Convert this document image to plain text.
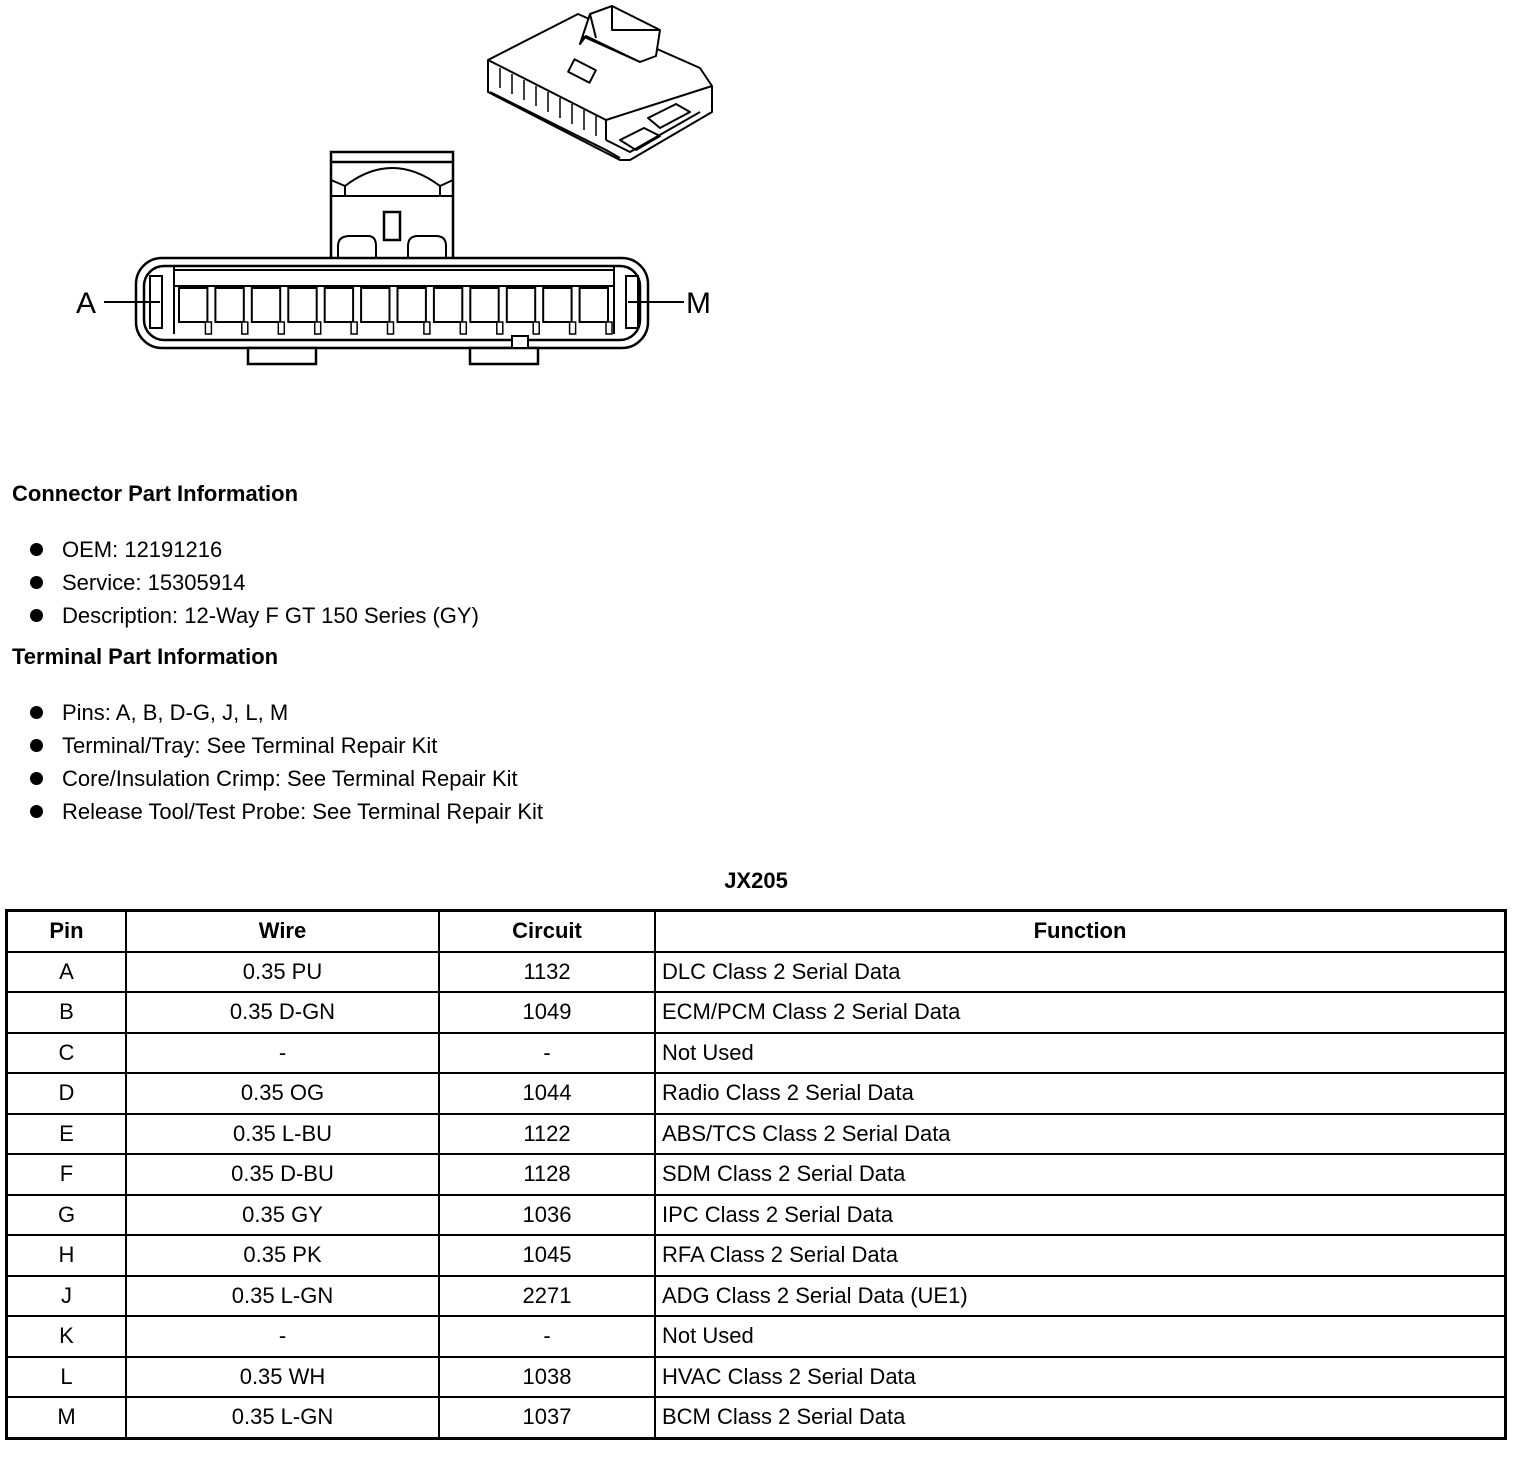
A	M
Connector Part Information
OEM: 12191216
Service: 15305914
Description: 12-Way F GT 150 Series (GY)
Terminal Part Information
Pins: A, B, D-G, J, L, M
Terminal/Tray: See Terminal Repair Kit
Core/Insulation Crimp: See Terminal Repair Kit
Release Tool/Test Probe: See Terminal Repair Kit
JX205
Pin	Wire	Circuit	Function
A	0.35 PU	1132	DLC Class 2 Serial Data
B	0.35 D-GN	1049	ECM/PCM Class 2 Serial Data
C	-	-	Not Used
D	0.35 OG	1044	Radio Class 2 Serial Data
E	0.35 L-BU	1122	ABS/TCS Class 2 Serial Data
F	0.35 D-BU	1128	SDM Class 2 Serial Data
G	0.35 GY	1036	IPC Class 2 Serial Data
H	0.35 PK	1045	RFA Class 2 Serial Data
J	0.35 L-GN	2271	ADG Class 2 Serial Data (UE1)
K	-	-	Not Used
L	0.35 WH	1038	HVAC Class 2 Serial Data
M	0.35 L-GN	1037	BCM Class 2 Serial Data
